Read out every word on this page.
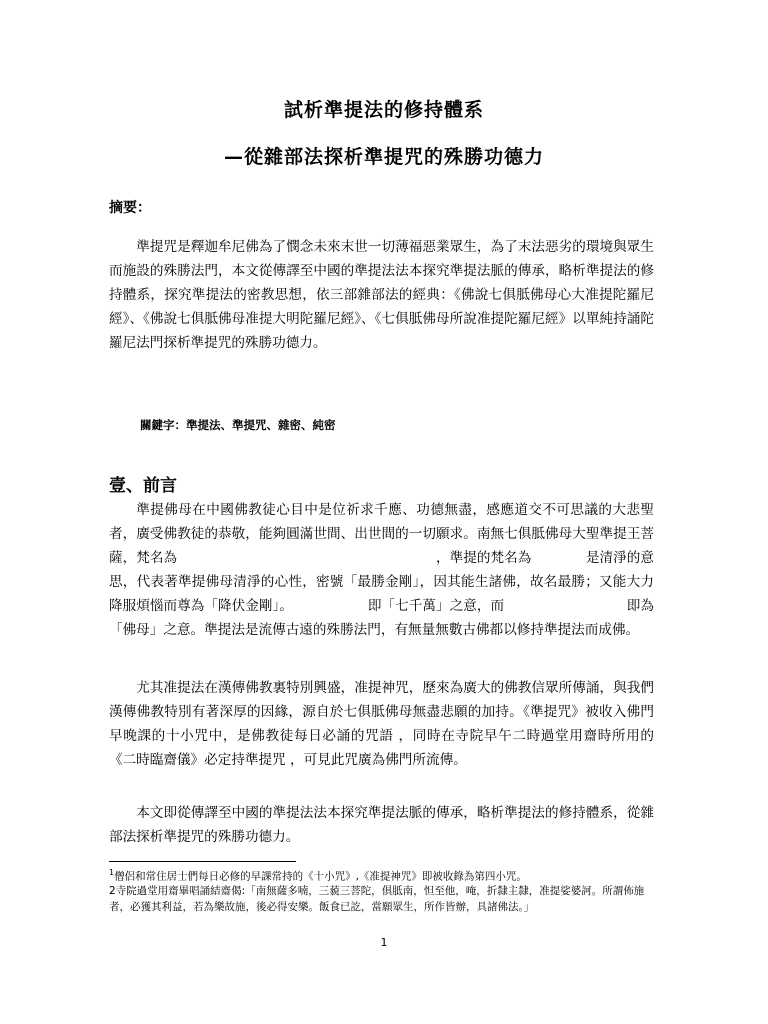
試析準提法的修持體系
—從雜部法探析準提咒的殊勝功德力
摘要：

準提咒是釋迦牟尼佛為了憫念未來末世一切薄福惡業眾生，為了末法惡劣的環境與眾生而施設的殊勝法門，本文從傳譯至中國的準提法法本探究準提法脈的傳承，略析準提法的修持體系，探究準提法的密教思想，依三部雜部法的經典：《佛說七俱胝佛母心大准提陀羅尼經》、《佛說七俱胝佛母准提大明陀羅尼經》、《七俱胝佛母所說准提陀羅尼經》以單純持誦陀羅尼法門探析準提咒的殊勝功德力。

關鍵字：準提法、準提咒、雜密、純密
壹、前言

準提佛母在中國佛教徒心目中是位祈求千應、功德無盡，感應道交不可思議的大悲聖者，廣受佛教徒的恭敬，能夠圓滿世間、出世間的一切願求。南無七俱胝佛母大聖準提王菩薩，梵名為　　　　　　　　　　　　　　　　　　　，準提的梵名為　　　　是清淨的意思，代表著準提佛母清淨的心性，密號「最勝金剛」，因其能生諸佛，故名最勝；又能大力降服煩惱而尊為「降伏金剛」。　　　　　　即「七千萬」之意，而　　　　　　　　　即為「佛母」之意。準提法是流傳古遠的殊勝法門，有無量無數古佛都以修持準提法而成佛。

尤其准提法在漢傳佛教裏特別興盛，准提神咒，歷來為廣大的佛教信眾所傳誦，與我們漢傳佛教特別有著深厚的因緣，源自於七俱胝佛母無盡悲願的加持。《準提咒》被收入佛門早晚課的十小咒中，是佛教徒每日必誦的咒語 ，同時在寺院早午二時過堂用齋時所用的《二時臨齋儀》必定持準提咒 ，可見此咒廣為佛門所流傳。

本文即從傳譯至中國的準提法法本探究準提法脈的傳承，略析準提法的修持體系，從雜部法探析準提咒的殊勝功德力。

$^1$僧侶和常住居士們每日必修的早課常持的《十小咒》,《准提神咒》即被收錄為第四小咒。

2寺院過堂用齋畢唱誦結齋偈:「南無薩多喃，三藐三菩陀，俱胝南，怛至他，唵，折隸主隸，准提娑婆訶。所謂佈施者，必獲其利益，若為樂故施，後必得安樂。飯食已訖，當願眾生，所作皆辦，具諸佛法。」

1
